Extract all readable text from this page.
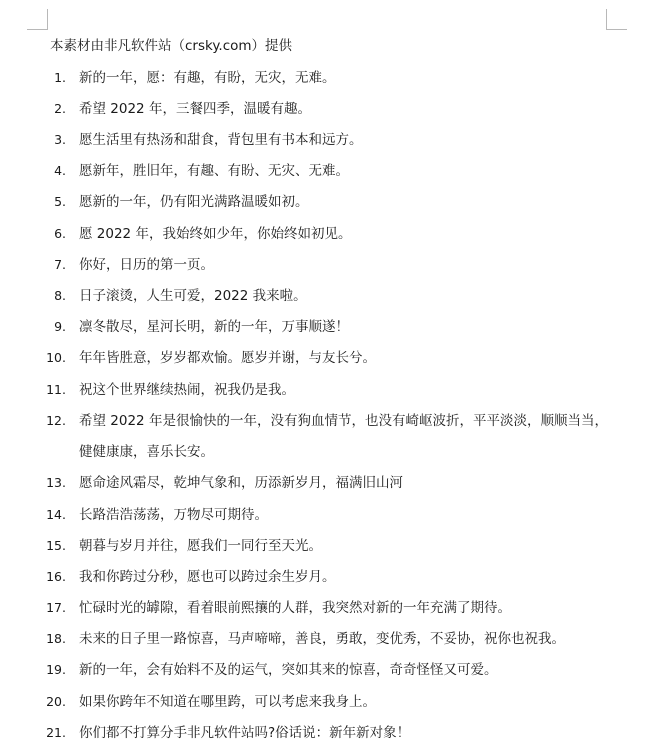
本素材由非凡软件站（crsky.com）提供
1. 新的一年，愿：有趣，有盼，无灾，无难。
2. 希望 2022 年，三餐四季，温暖有趣。
3. 愿生活里有热汤和甜食，背包里有书本和远方。
4. 愿新年，胜旧年，有趣、有盼、无灾、无难。
5. 愿新的一年，仍有阳光满路温暖如初。
6. 愿 2022 年，我始终如少年，你始终如初见。
7. 你好，日历的第一页。
8. 日子滚烫，人生可爱，2022 我来啦。
9. 凛冬散尽，星河长明，新的一年，万事顺遂！
10. 年年皆胜意，岁岁都欢愉。愿岁并谢，与友长兮。
11. 祝这个世界继续热闹，祝我仍是我。
12. 希望 2022 年是很愉快的一年，没有狗血情节，也没有崎岖波折，平平淡淡，顺顺当当，
健健康康，喜乐长安。
13. 愿命途风霜尽，乾坤气象和，历添新岁月，福满旧山河
14. 长路浩浩荡荡，万物尽可期待。
15. 朝暮与岁月并往，愿我们一同行至天光。
16. 我和你跨过分秒，愿也可以跨过余生岁月。
17. 忙碌时光的罅隙，看着眼前熙攘的人群，我突然对新的一年充满了期待。
18. 未来的日子里一路惊喜，马声啼啼，善良，勇敢，变优秀，不妥协，祝你也祝我。
19. 新的一年，会有始料不及的运气，突如其来的惊喜，奇奇怪怪又可爱。
20. 如果你跨年不知道在哪里跨，可以考虑来我身上。
21. 你们都不打算分手非凡软件站吗?俗话说：新年新对象！
